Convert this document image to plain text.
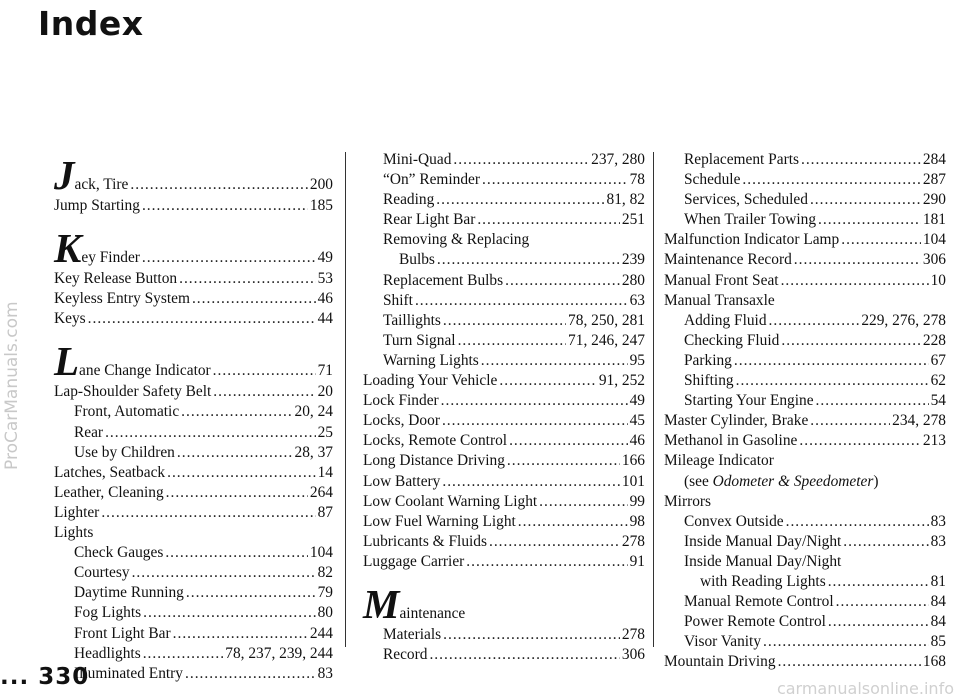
Index
ProCarManuals.com
carmanualsonline.info
Jack, Tire .....	200
Jump Starting .....	185
Key Finder .....	49
Key Release Button .....	53
Keyless Entry System .....	46
Keys .....	44
Lane Change Indicator .....	71
Lap-Shoulder Safety Belt .....	20
Front, Automatic .....	20, 24
Rear .....	25
Use by Children .....	28, 37
Latches, Seatback .....	14
Leather, Cleaning .....	264
Lighter .....	87
Lights
Check Gauges .....	104
Courtesy .....	82
Daytime Running .....	79
Fog Lights .....	80
Front Light Bar .....	244
Headlights .....	78, 237, 239, 244
Illuminated Entry .....	83
Mini-Quad .....	237, 280
“On” Reminder .....	78
Reading .....	81, 82
Rear Light Bar .....	251
Removing & Replacing
Bulbs .....	239
Replacement Bulbs .....	280
Shift .....	63
Taillights .....	78, 250, 281
Turn Signal .....	71, 246, 247
Warning Lights .....	95
Loading Your Vehicle .....	91, 252
Lock Finder .....	49
Locks, Door .....	45
Locks, Remote Control .....	46
Long Distance Driving .....	166
Low Battery .....	101
Low Coolant Warning Light .....	99
Low Fuel Warning Light .....	98
Lubricants & Fluids .....	278
Luggage Carrier .....	91
Maintenance
Materials .....	278
Record .....	306
Replacement Parts .....	284
Schedule .....	287
Services, Scheduled .....	290
When Trailer Towing .....	181
Malfunction Indicator Lamp .....	104
Maintenance Record .....	306
Manual Front Seat .....	10
Manual Transaxle
Adding Fluid .....	229, 276, 278
Checking Fluid .....	228
Parking .....	67
Shifting .....	62
Starting Your Engine .....	54
Master Cylinder, Brake .....	234, 278
Methanol in Gasoline .....	213
Mileage Indicator
(see Odometer & Speedometer)
Mirrors
Convex Outside .....	83
Inside Manual Day/Night .....	83
Inside Manual Day/Night
with Reading Lights .....	81
Manual Remote Control .....	84
Power Remote Control .....	84
Visor Vanity .....	85
Mountain Driving .....	168
... 330
